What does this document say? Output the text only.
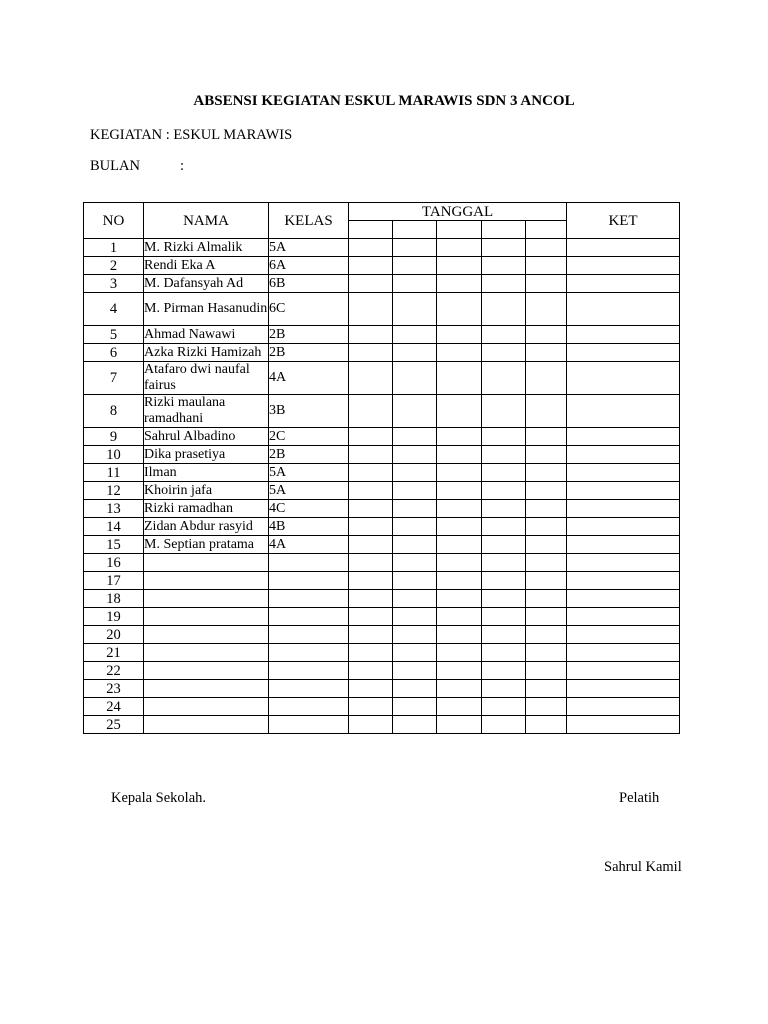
ABSENSI KEGIATAN ESKUL MARAWIS SDN 3 ANCOL
KEGIATAN : ESKUL MARAWIS
BULAN	:
NO	NAMA	KELAS	TANGGAL					KET

1	M. Rizki Almalik	5A						
2	Rendi Eka A	6A						
3	M. Dafansyah Ad	6B						
4	M. Pirman Hasanudin	6C						
5	Ahmad Nawawi	2B						
6	Azka Rizki Hamizah	2B						
7	Atafaro dwi naufal fairus	4A						
8	Rizki maulana ramadhani	3B						
9	Sahrul Albadino	2C						
10	Dika prasetiya	2B						
11	Ilman	5A						
12	Khoirin jafa	5A						
13	Rizki ramadhan	4C						
14	Zidan Abdur rasyid	4B						
15	M. Septian pratama	4A						
16								
17								
18								
19								
20								
21								
22								
23								
24								
25								
Kepala Sekolah.	Pelatih
Sahrul Kamil
